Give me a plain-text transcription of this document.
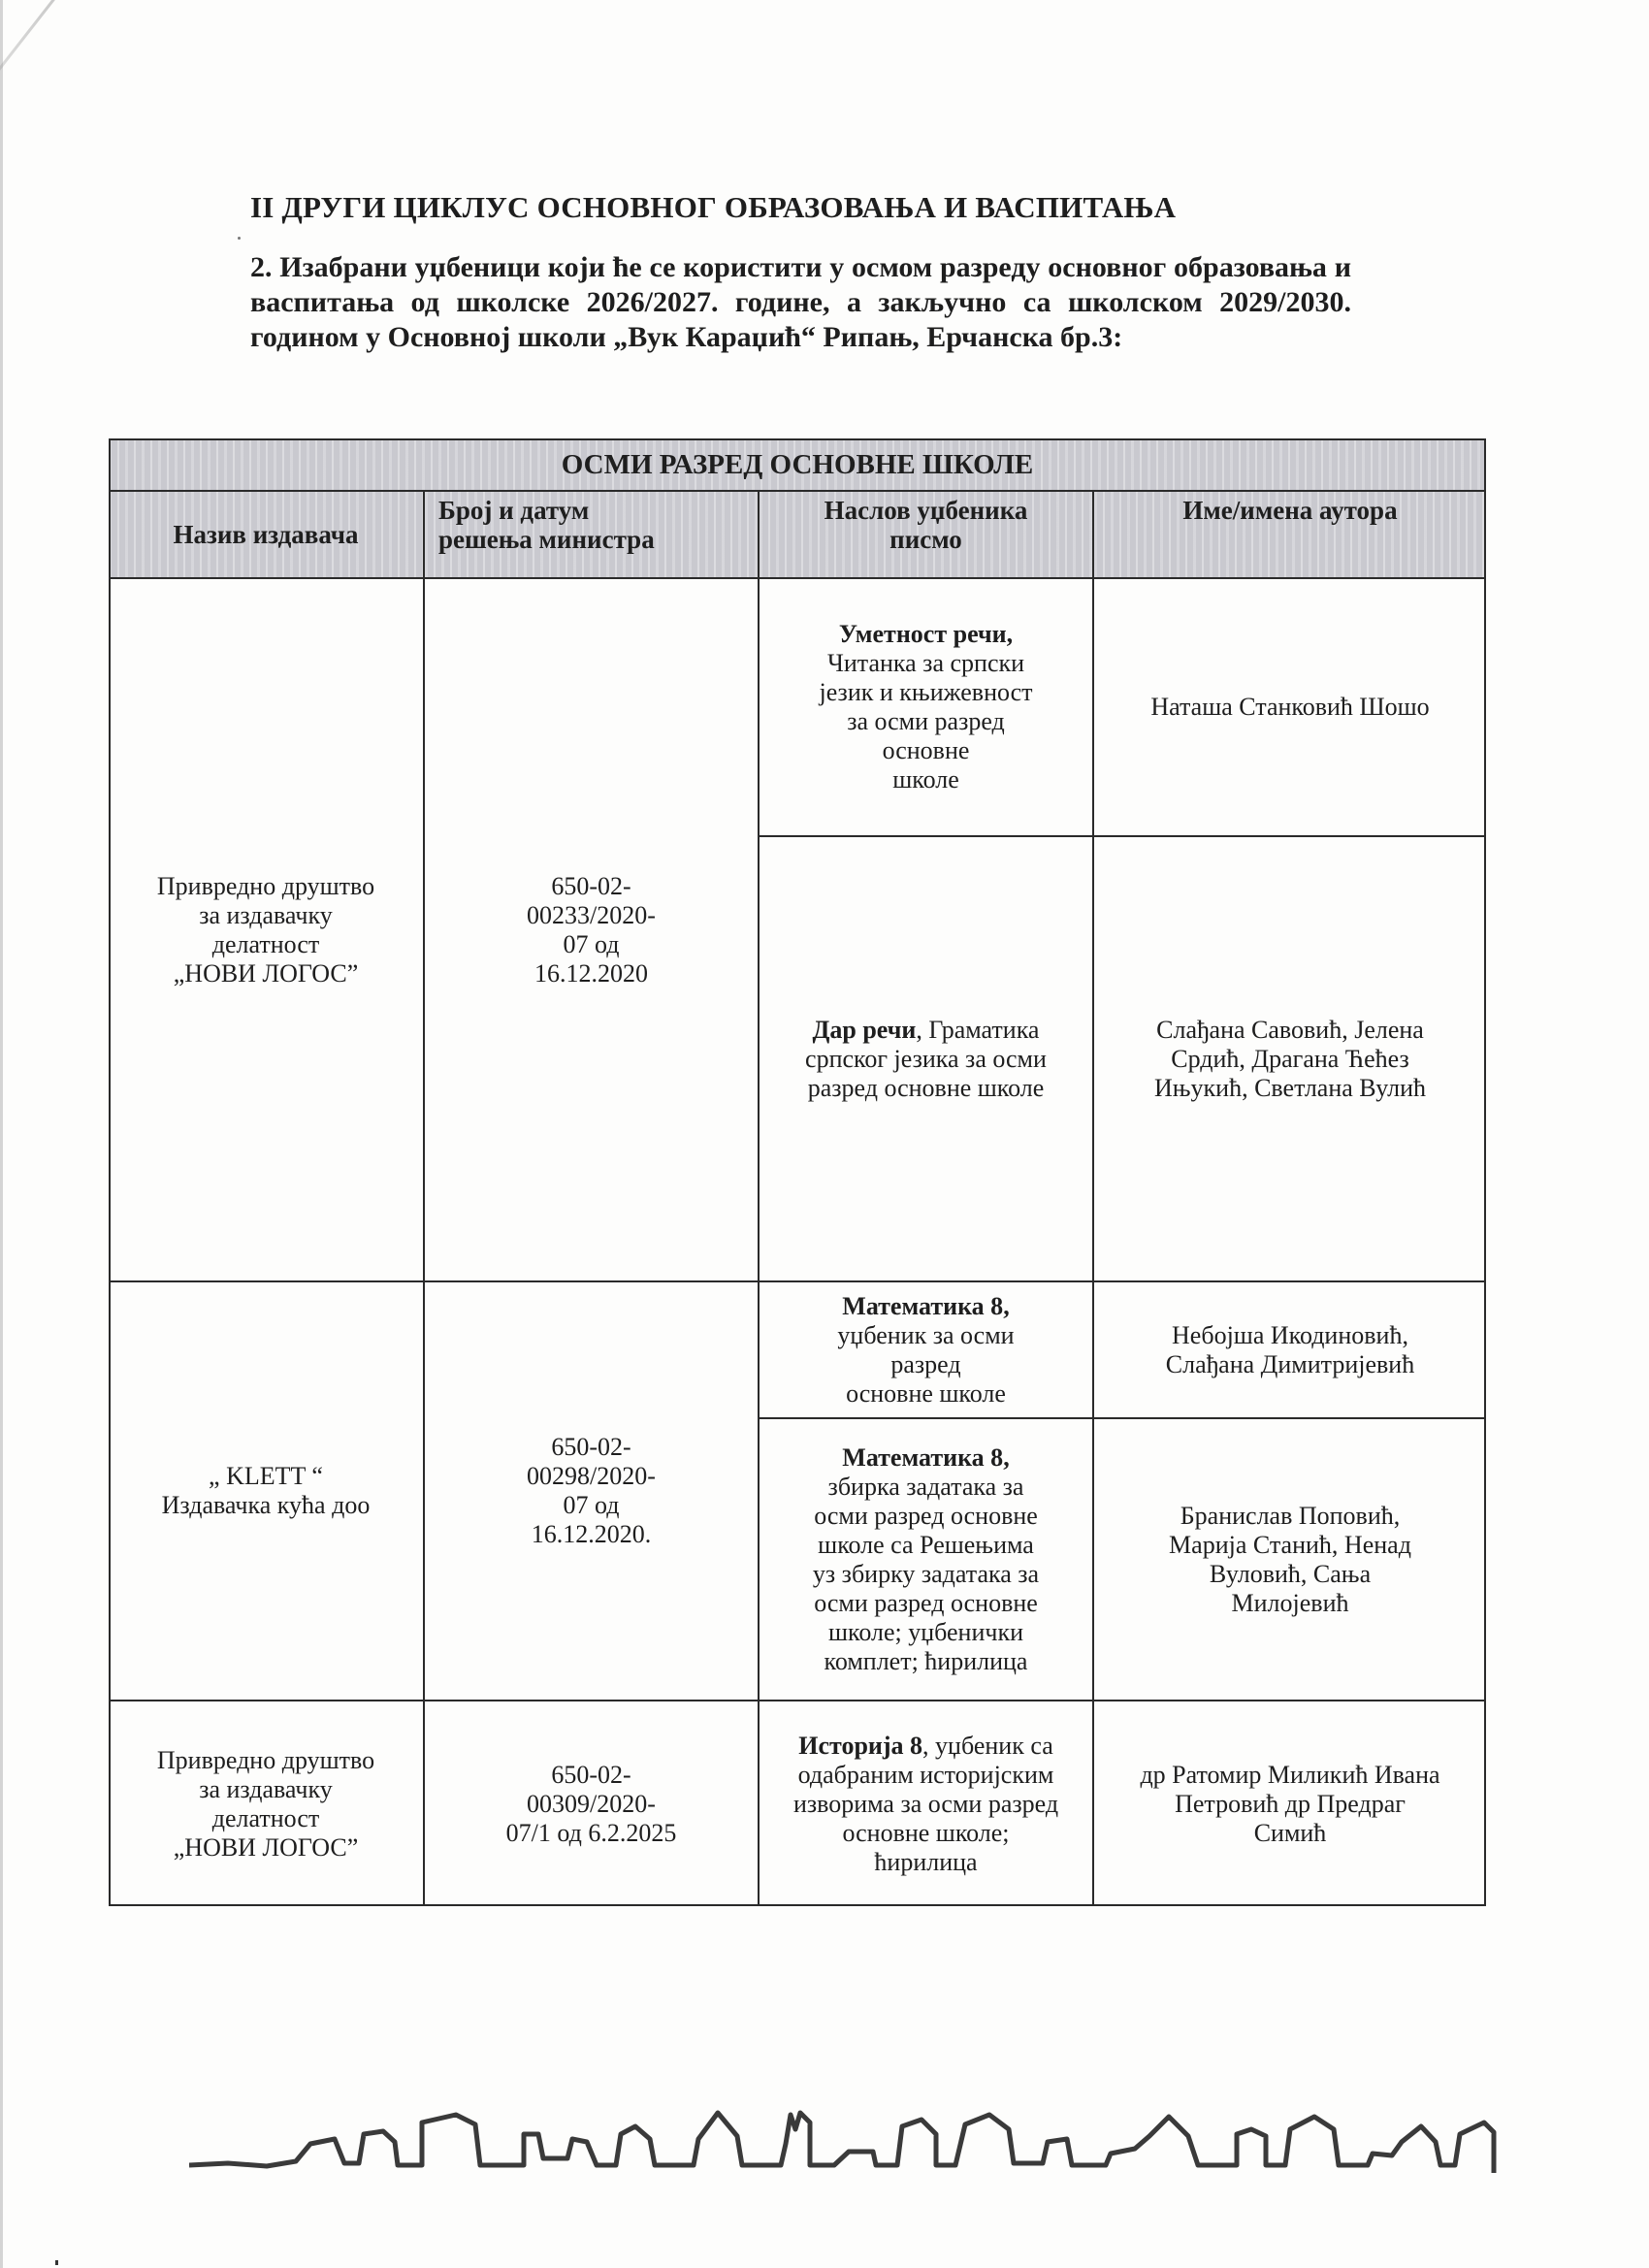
II ДРУГИ ЦИКЛУС ОСНОВНОГ ОБРАЗОВАЊА И ВАСПИТАЊА
2. Изабрани уџбеници који ће се користити у осмом разреду основног образовања и васпитања од школске 2026/2027. године, а закључно са школском 2029/2030. годином у Основној школи „Вук Караџић“ Рипањ, Ерчанска бр.3:
ОСМИ РАЗРЕД ОСНОВНЕ ШКОЛЕ
Назив издавача
Број и датум
решења министра
Наслов уџбеника
писмо
Име/имена аутора
Привредно друштво
за издавачку
делатност
„НОВИ ЛОГОС”
650-02-
00233/2020-
07 од
16.12.2020
Уметност речи,
Читанка за српски
језик и књижевност
за осми разред
основне
школе
Наташа Станковић Шошо
Дар речи, Граматика
српског језика за осми
разред основне школе
Слађана Савовић, Јелена
Срдић, Драгана Ћећез
Ињукић, Светлана Вулић
„ KLETT “
Издавачка кућа доо
650-02-
00298/2020-
07 од
16.12.2020.
Математика 8,
уџбеник за осми
разред
основне школе
Небојша Икодиновић,
Слађана Димитријевић
Математика 8,
збирка задатака за
осми разред основне
школе са Решењима
уз збирку задатака за
осми разред основне
школе; уџбенички
комплет; ћирилица
Бранислав Поповић,
Марија Станић, Ненад
Вуловић, Сања
Милојевић
Привредно друштво
за издавачку
делатност
„НОВИ ЛОГОС”
650-02-
00309/2020-
07/1 од 6.2.2025
Историја 8, уџбеник са
одабраним историјским
изворима за осми разред
основне школе;
ћирилица
др Ратомир Миликић Ивана
Петровић др Предраг
Симић
